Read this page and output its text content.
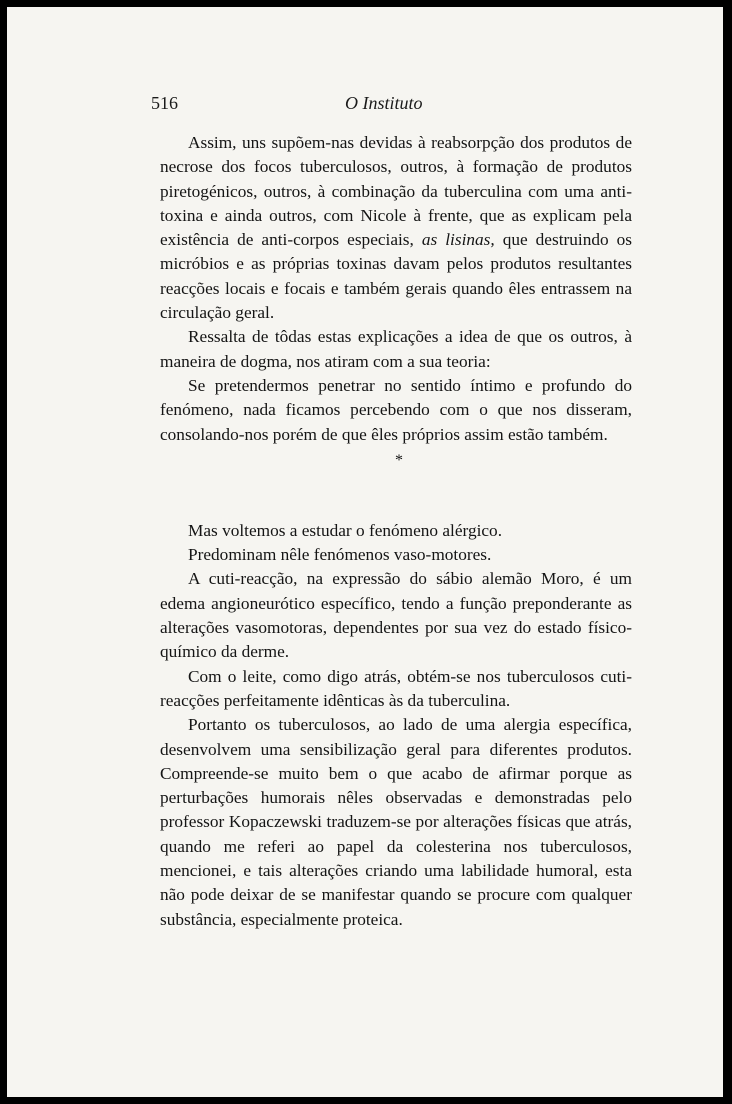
516	O Instituto

Assim, uns supõem-nas devidas à reabsorpção dos produtos de necrose dos focos tuberculosos, outros, à formação de produtos piretogénicos, outros, à combinação da tuberculina com uma anti-toxina e ainda outros, com Nicole à frente, que as explicam pela existência de anti-corpos especiais, as lisinas, que destruindo os micróbios e as próprias toxinas davam pelos produtos resultantes reacções locais e focais e também gerais quando êles entrassem na circulação geral.

Ressalta de tôdas estas explicações a idea de que os outros, à maneira de dogma, nos atiram com a sua teoria:

Se pretendermos penetrar no sentido íntimo e profundo do fenómeno, nada ficamos percebendo com o que nos disseram, consolando-nos porém de que êles próprios assim estão também.

*

Mas voltemos a estudar o fenómeno alérgico.

Predominam nêle fenómenos vaso-motores.

A cuti-reacção, na expressão do sábio alemão Moro, é um edema angioneurótico específico, tendo a função preponderante as alterações vasomotoras, dependentes por sua vez do estado físico-químico da derme.

Com o leite, como digo atrás, obtém-se nos tuberculosos cuti-reacções perfeitamente idênticas às da tuberculina.

Portanto os tuberculosos, ao lado de uma alergia específica, desenvolvem uma sensibilização geral para diferentes produtos. Compreende-se muito bem o que acabo de afirmar porque as perturbações humorais nêles observadas e demonstradas pelo professor Kopaczewski traduzem-se por alterações físicas que atrás, quando me referi ao papel da colesterina nos tuberculosos, mencionei, e tais alterações criando uma labilidade humoral, esta não pode deixar de se manifestar quando se procure com qualquer substância, especialmente proteica.
